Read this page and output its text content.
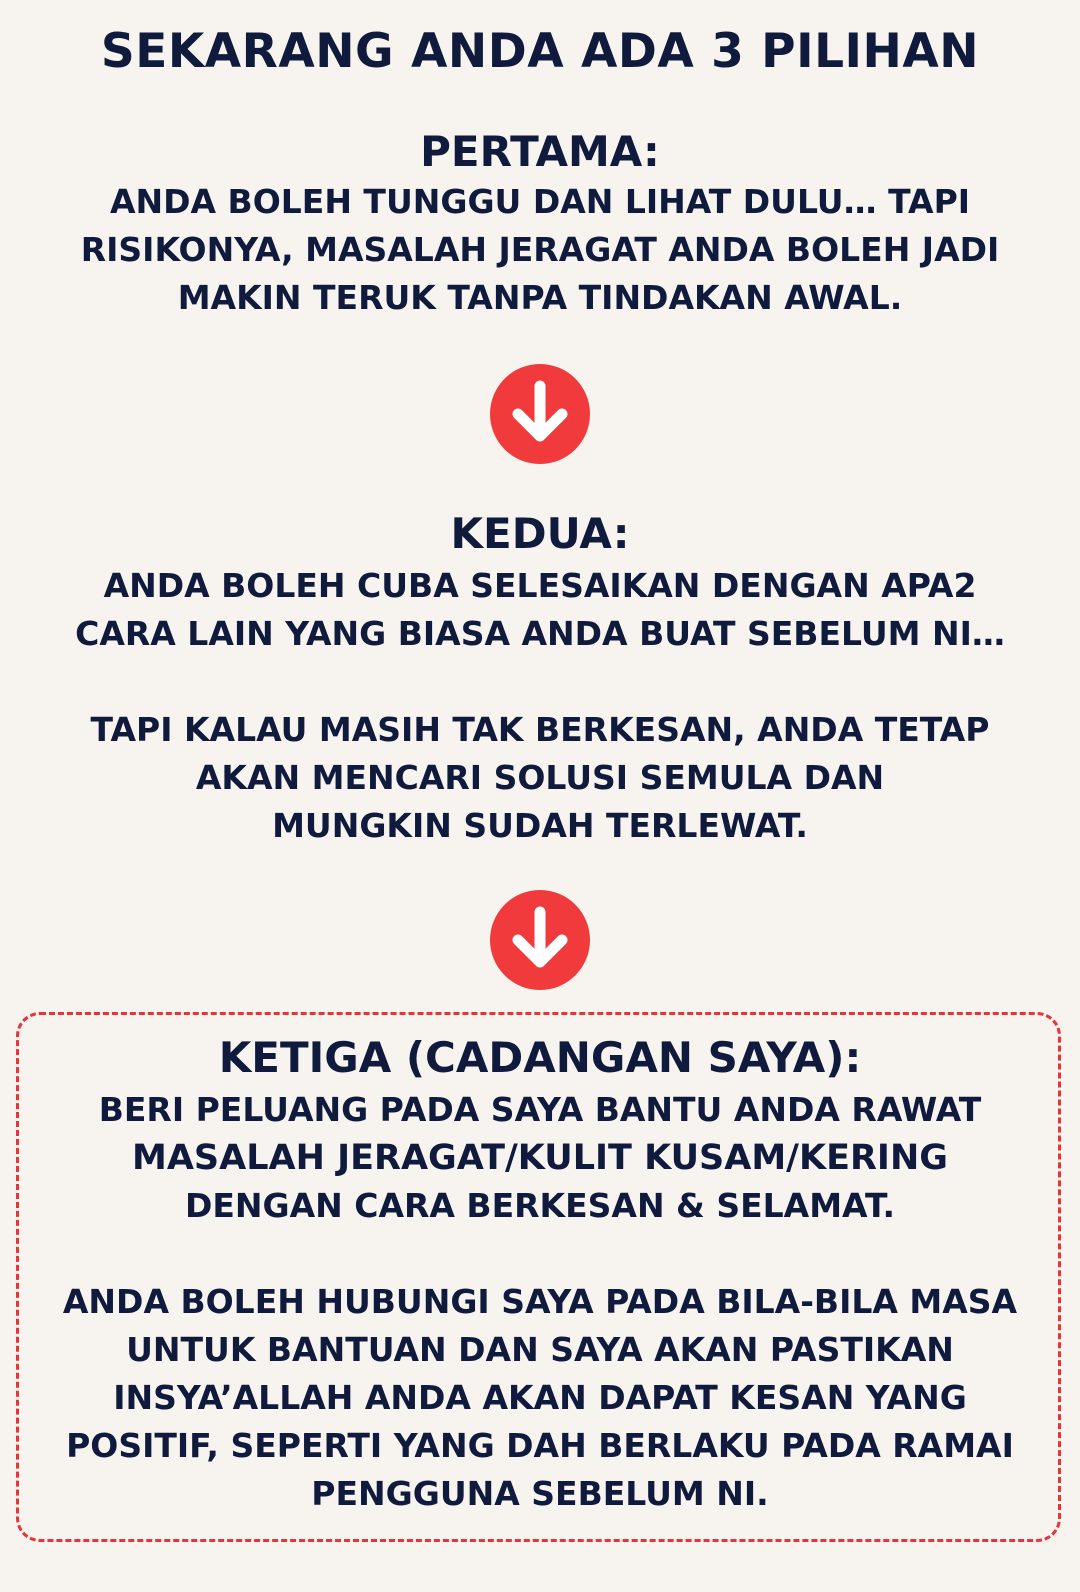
SEKARANG ANDA ADA 3 PILIHAN
PERTAMA:
ANDA BOLEH TUNGGU DAN LIHAT DULU… TAPI
RISIKONYA, MASALAH JERAGAT ANDA BOLEH JADI
MAKIN TERUK TANPA TINDAKAN AWAL.
KEDUA:
ANDA BOLEH CUBA SELESAIKAN DENGAN APA2
CARA LAIN YANG BIASA ANDA BUAT SEBELUM NI…
TAPI KALAU MASIH TAK BERKESAN, ANDA TETAP
AKAN MENCARI SOLUSI SEMULA DAN
MUNGKIN SUDAH TERLEWAT.
KETIGA (CADANGAN SAYA):
BERI PELUANG PADA SAYA BANTU ANDA RAWAT
MASALAH JERAGAT/KULIT KUSAM/KERING
DENGAN CARA BERKESAN & SELAMAT.
ANDA BOLEH HUBUNGI SAYA PADA BILA-BILA MASA
UNTUK BANTUAN DAN SAYA AKAN PASTIKAN
INSYA’ALLAH ANDA AKAN DAPAT KESAN YANG
POSITIF, SEPERTI YANG DAH BERLAKU PADA RAMAI
PENGGUNA SEBELUM NI.
